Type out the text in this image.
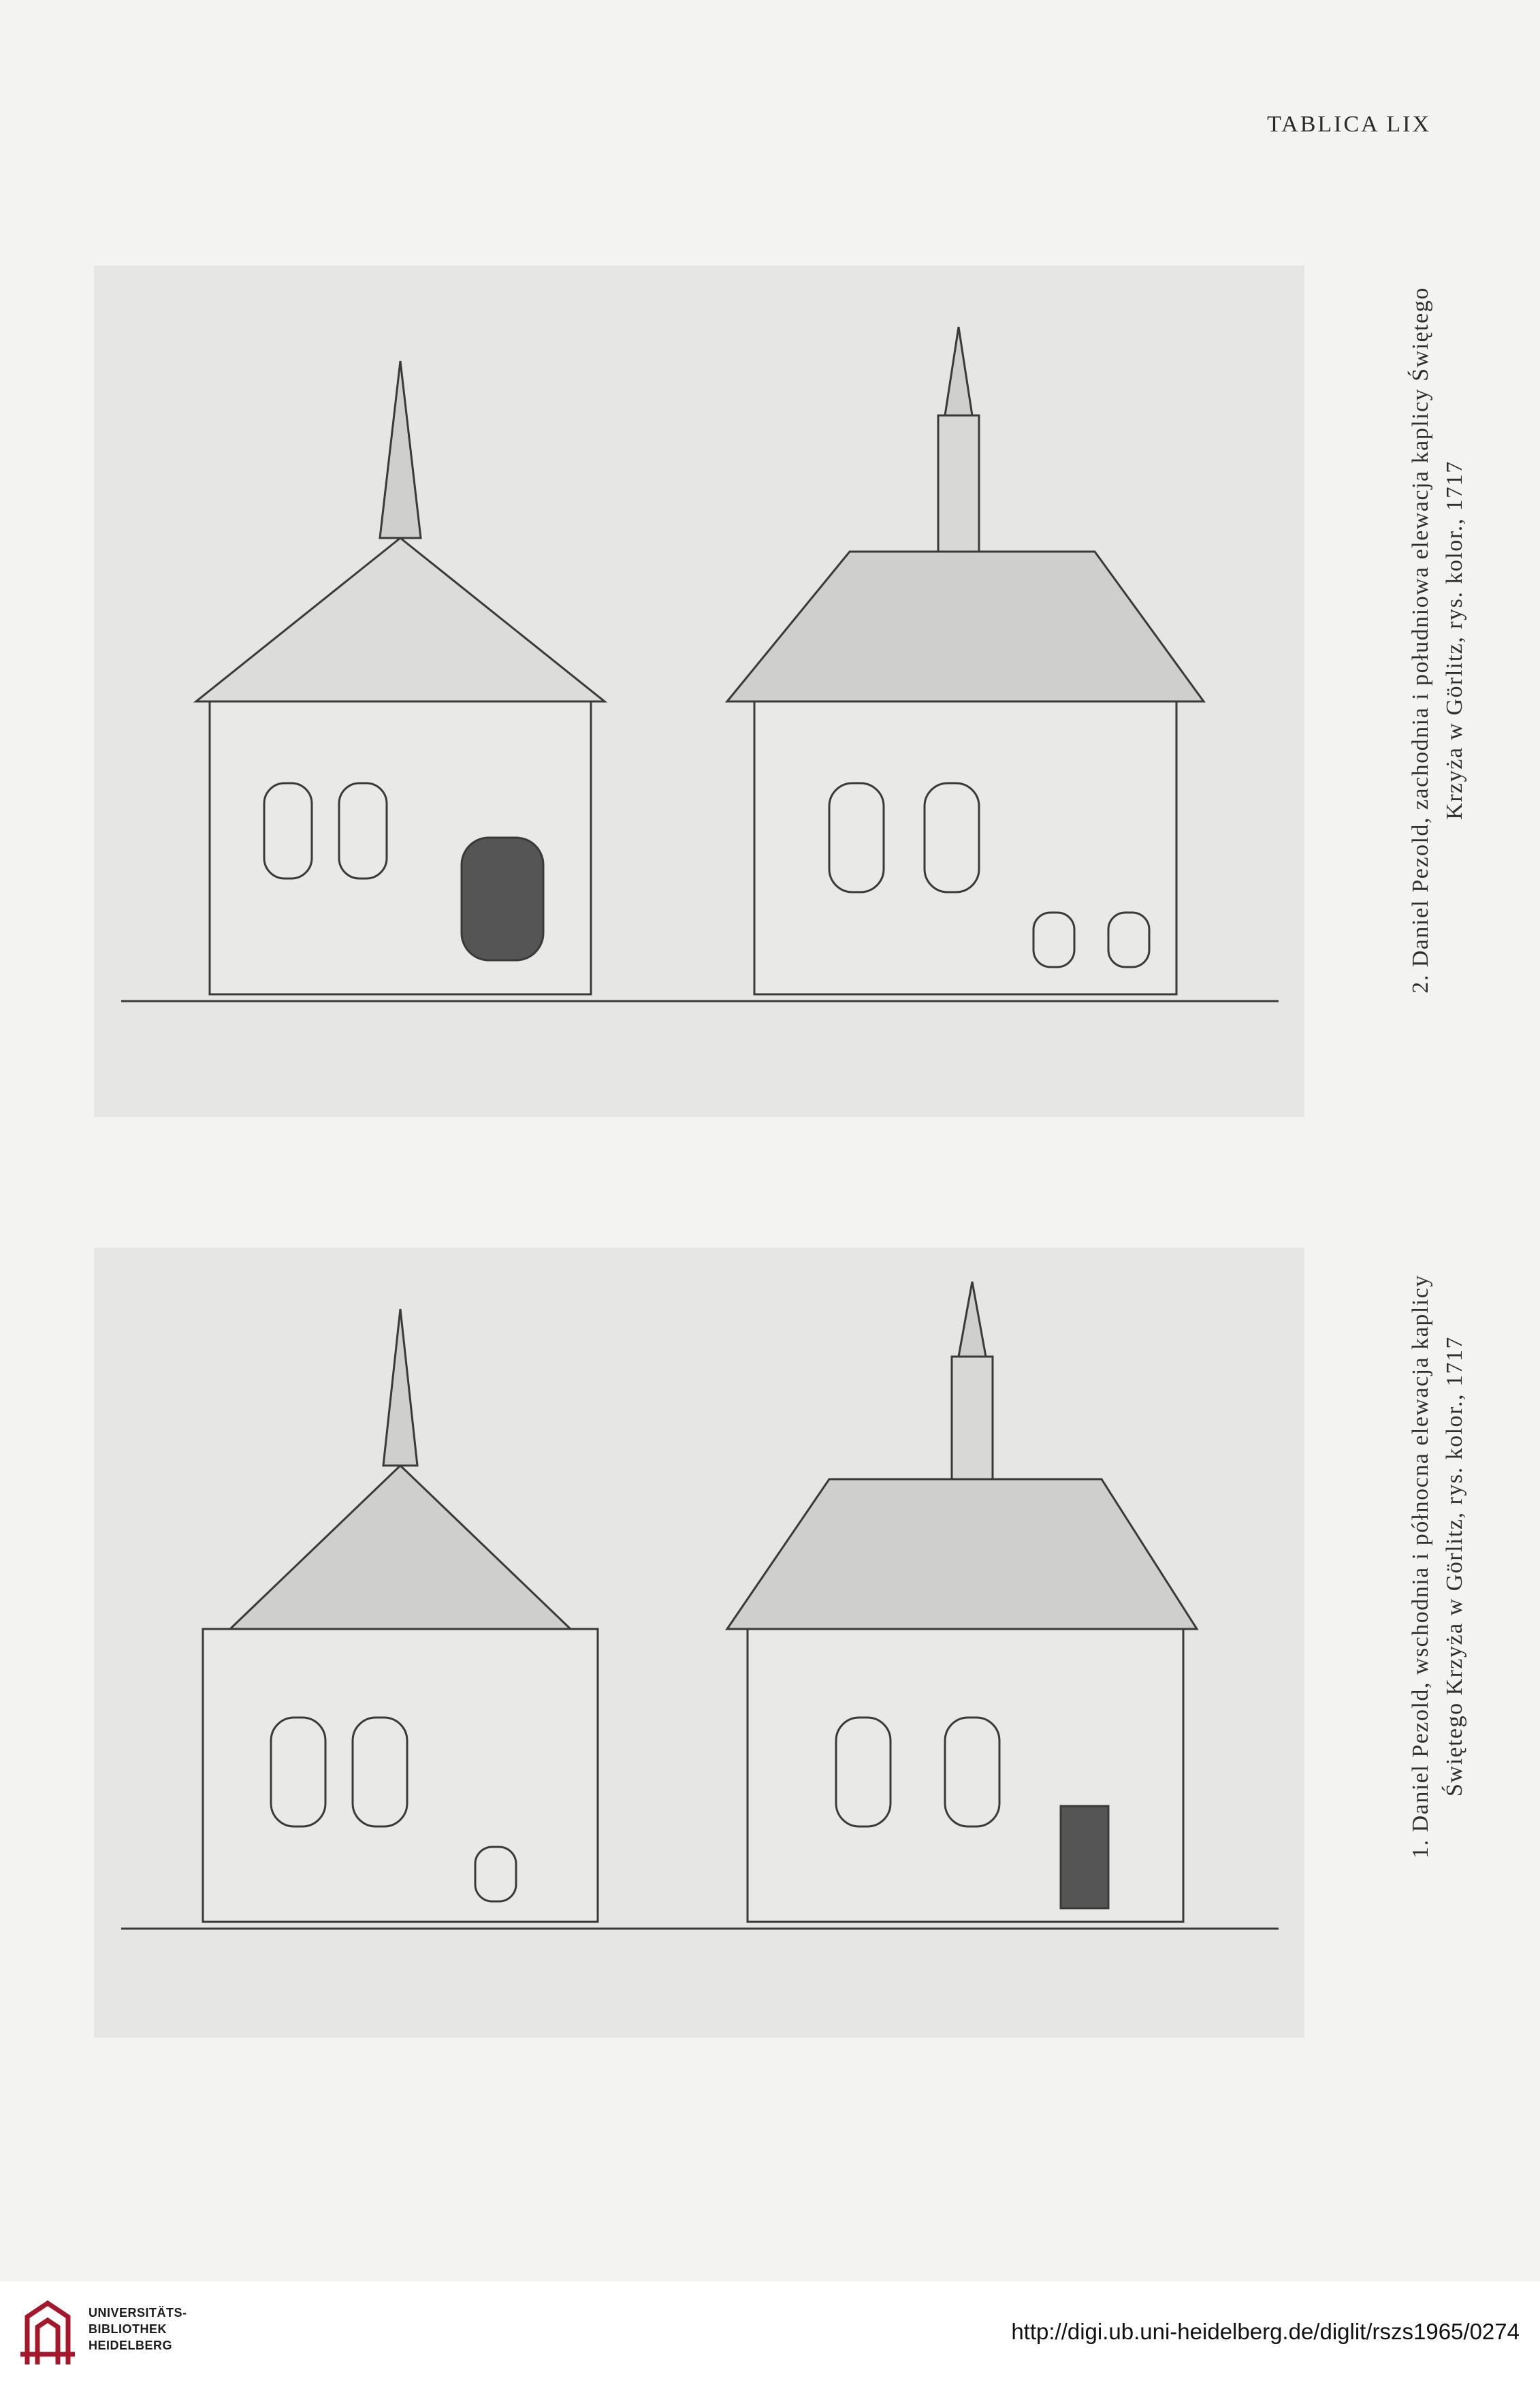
TABLICA LIX
2. Daniel Pezold, zachodnia i południowa elewacja kaplicy Świętego Krzyża w Görlitz, rys. kolor., 1717
1. Daniel Pezold, wschodnia i północna elewacja kaplicy Świętego Krzyża w Görlitz, rys. kolor., 1717
UNIVERSITÄTS-
BIBLIOTHEK
HEIDELBERG
http://digi.ub.uni-heidelberg.de/diglit/rszs1965/0274
